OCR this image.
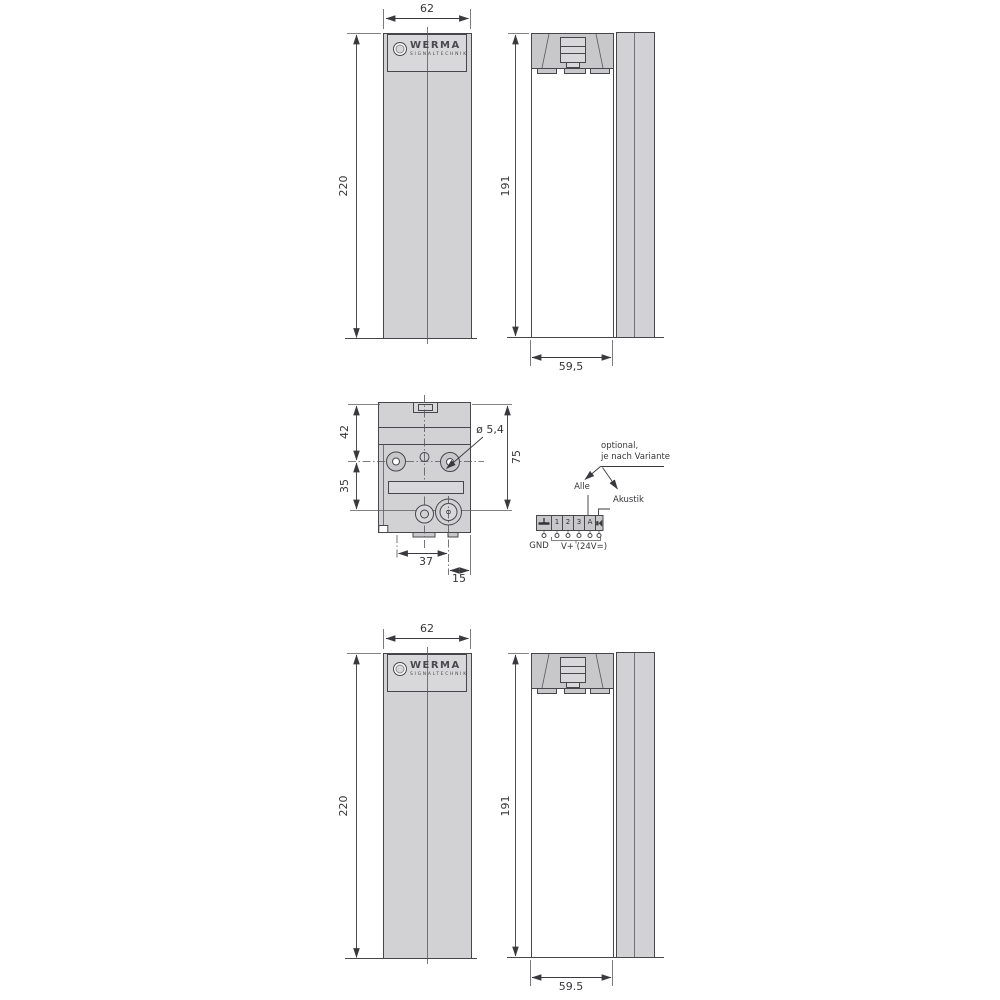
62
220	191
59,5
42
35
75
ø 5,4
37
15
optional,
je nach Variante
Alle
Akustik
GND	V+ (24V=)
1 2 3 A
62
220	191
59.5
WERMA
SIGNALTECHNIK
WERMA
SIGNALTECHNIK
